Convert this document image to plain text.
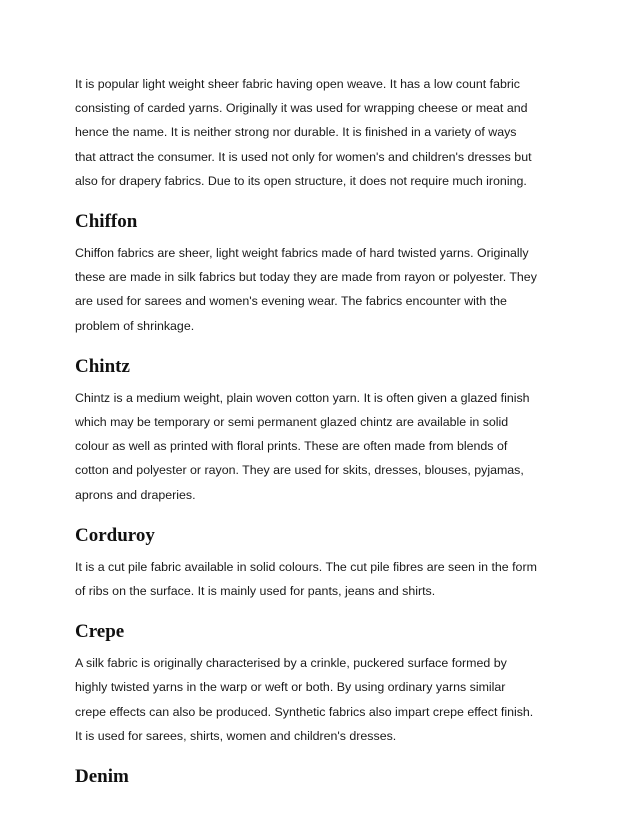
It is popular light weight sheer fabric having open weave. It has a low count fabric
consisting of carded yarns. Originally it was used for wrapping cheese or meat and
hence the name. It is neither strong nor durable. It is finished in a variety of ways
that attract the consumer. It is used not only for women's and children's dresses but
also for drapery fabrics. Due to its open structure, it does not require much ironing.
Chiffon
Chiffon fabrics are sheer, light weight fabrics made of hard twisted yarns. Originally
these are made in silk fabrics but today they are made from rayon or polyester. They
are used for sarees and women's evening wear. The fabrics encounter with the
problem of shrinkage.
Chintz
Chintz is a medium weight, plain woven cotton yarn. It is often given a glazed finish
which may be temporary or semi permanent glazed chintz are available in solid
colour as well as printed with floral prints. These are often made from blends of
cotton and polyester or rayon. They are used for skits, dresses, blouses, pyjamas,
aprons and draperies.
Corduroy
It is a cut pile fabric available in solid colours. The cut pile fibres are seen in the form
of ribs on the surface. It is mainly used for pants, jeans and shirts.
Crepe
A silk fabric is originally characterised by a crinkle, puckered surface formed by
highly twisted yarns in the warp or weft or both. By using ordinary yarns similar
crepe effects can also be produced. Synthetic fabrics also impart crepe effect finish.
It is used for sarees, shirts, women and children's dresses.
Denim
